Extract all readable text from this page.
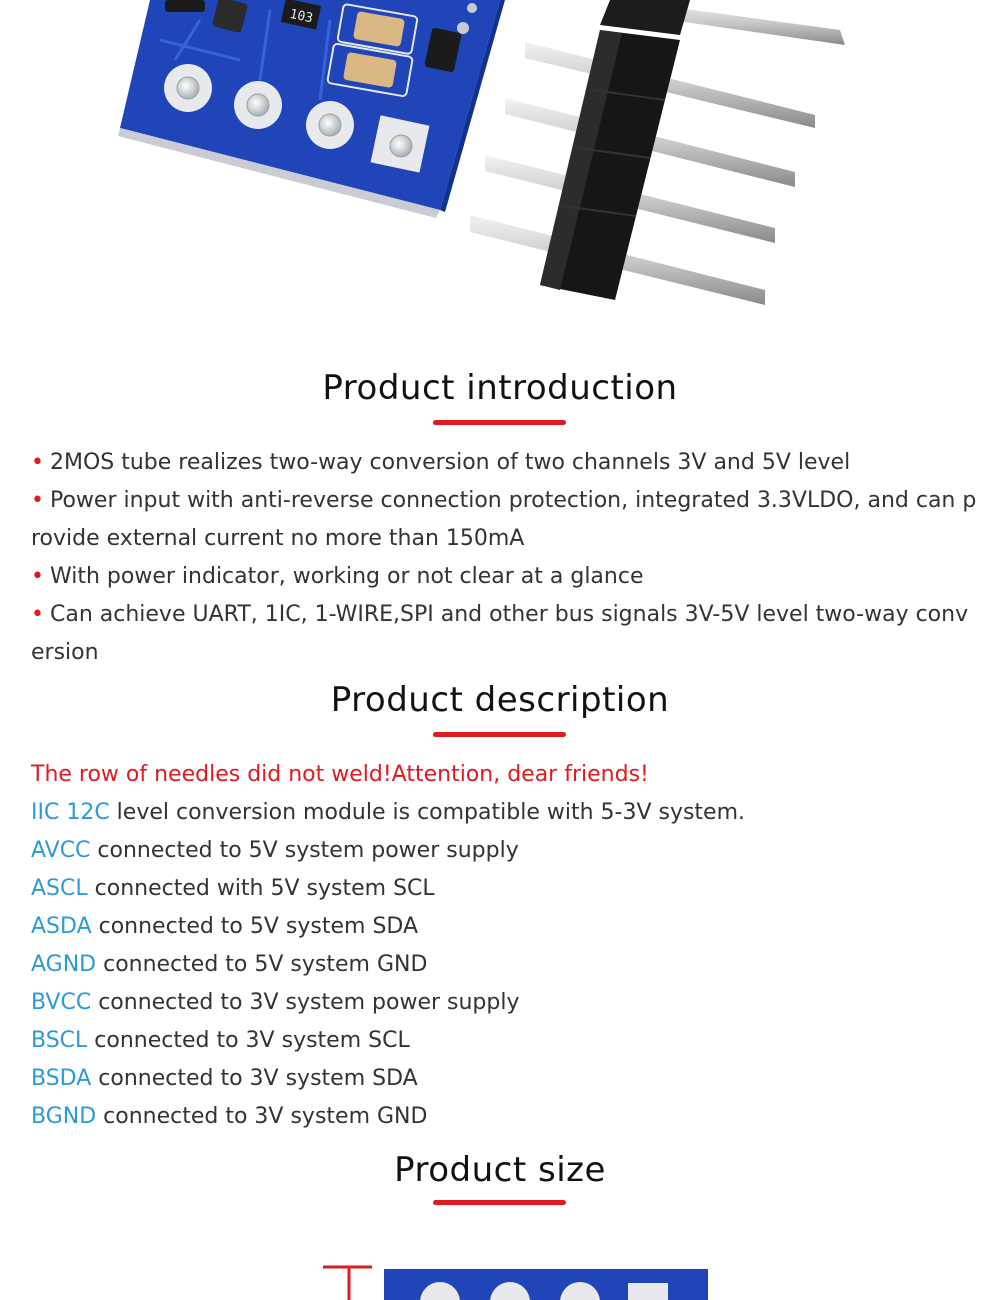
103
Product introduction
• 2MOS tube realizes two-way conversion of two channels 3V and 5V level
• Power input with anti-reverse connection protection, integrated 3.3VLDO, and can provide external current no more than 150mA
• With power indicator, working or not clear at a glance
• Can achieve UART, 1IC, 1-WIRE,SPI and other bus signals 3V-5V level two-way conversion
Product description
The row of needles did not weld!Attention, dear friends!
IIC 12C level conversion module is compatible with 5-3V system.
AVCC connected to 5V system power supply
ASCL connected with 5V system SCL
ASDA connected to 5V system SDA
AGND connected to 5V system GND
BVCC connected to 3V system power supply
BSCL connected to 3V system SCL
BSDA connected to 3V system SDA
BGND connected to 3V system GND
Product size
